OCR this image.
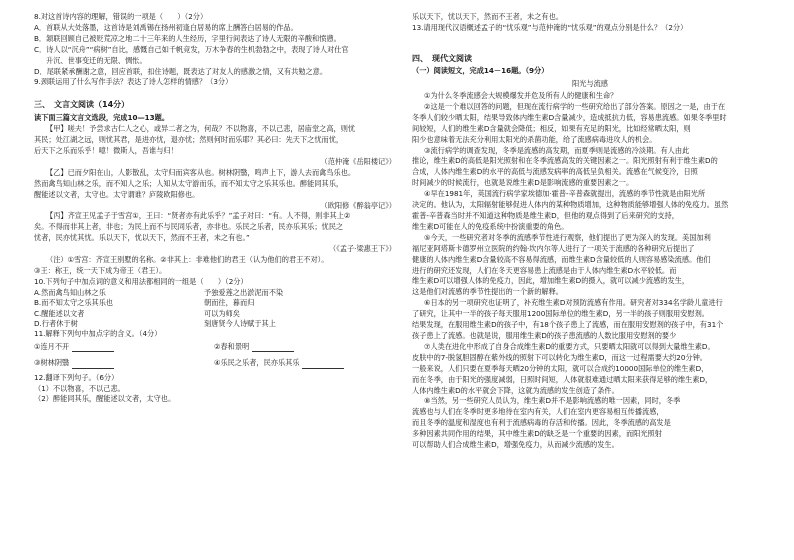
8.对这首诗内容的理解，错误的一项是（　　）（2分）

A．首联从大处落墨，这首诗是刘禹锡在扬州初逢白居易的席上酬答白居易的作品。

B．颔联回顾自己被贬荒凉之地二十三年来的人生经历，字里行间表达了诗人无限的辛酸和愤懑。

C．诗人以“沉舟”“病树”自比，感慨自己如千帆竞发，万木争春的生机勃勃之中，表现了诗人对仕官

升沉、世事变迁的无限、惆怅。

D．尾联紧承酬谢之意，回应首联，扣住诗题，既表达了对友人的感激之情，又有共勉之意。

9.颈联运用了什么写作手法？表达了诗人怎样的情感？（3分）

三、　文言文阅读（14分）

读下面三篇文言文选段，完成10—13题。

【甲】嗟夫！予尝求古仁人之心，或异二者之为，何哉？不以物喜，不以己悲，居庙堂之高，则忧

其民；处江湖之远，则忧其君，是进亦忧，退亦忧；然则何时而乐耶？其必曰：先天下之忧而忧，

后天下之乐而乐乎！噫！微斯人，吾谁与归！

（范仲淹《岳阳楼记》）

【乙】已而夕阳在山，人影散乱，太守归而宾客从也。树林阴翳，鸣声上下，游人去而禽鸟乐也。

然而禽鸟知山林之乐，而不知人之乐；人知从太守游而乐，而不知太守之乐其乐也。醉能同其乐，

醒能述以文者，太守也。太守谓谁？庐陵欧阳修也。

（欧阳修《醉翁亭记》）

【丙】齐宣王见孟子于雪宫①，王曰：“贤者亦有此乐乎？”孟子对曰：“有。人不得，则非其上②

矣。不得而非其上者，非也；为民上而不与民同乐者，亦非也。乐民之乐者，民亦乐其乐；忧民之

忧者，民亦忧其忧。乐以天下，忧以天下，然而不王者，未之有也。”

（《孟子·梁惠王下》）

（注）①雪宫：齐宣王别墅的名称。②非其上：非难他们的君王（认为他们的君王不对）。

③王：称王，统一天下成为帝王（君王）。

10.下列句子中加点词的意义和用法都相同的一组是（　　）（2分）

A.然而禽鸟知山林之乐	予独爱莲之出淤泥而不染
B.而不知太守之乐其乐也	朝而往，暮而归
C.醒能述以文者	可以为师矣
D.行者休于树	刻唐贤今人诗赋于其上

11.解释下列句中加点字的含义。（4分）

①连月不开	②春和景明
③树林阴翳	④乐民之乐者，民亦乐其乐

12.翻译下列句子。（6分）

（1）不以物喜，不以己悲。

（2）醉能同其乐，醒能述以文者，太守也。

乐以天下，忧以天下，然而不王者，未之有也。

13.请用现代汉语概述孟子的“忧乐观”与范仲淹的“忧乐观”的观点分别是什么？（2分）

四、　现代文阅读

（一）阅读短文，完成14－16题。（9分）

阳光与流感

①为什么冬季流感会大规模爆发并危及所有人的健康和生命？

②这是一个难以回答的问题，但现在流行病学的一些研究给出了部分答案。原因之一是，由于在

冬季人们较少晒太阳，结果导致体内维生素D含量减少，造成抵抗力低，容易患流感。如果冬季里时

间较短，人们的维生素D含量就会降低；相反，如果有充足的阳光，比如经常晒太阳，则

阳少也意味着无法充分利用太阳光的杀菌功能，给了流感病毒进攻人的机会。

③流行病学的调查发现，冬季是流感的高发期，而夏季则是流感的冷淡期。有人由此

推论，维生素D的高低是阳光照射和在冬季流感高发的关键因素之一。阳光照射有利于维生素D的

合成，人体内维生素D的水平的高低与流感发病率的高低呈负相关。流感在气候变冷，日照

时间减少的时候流行，也就是说维生素D是影响流感的重要因素之一。

④早在1981年，英国流行病学家埃德加·霍普-辛普森就提出，流感的季节性就是由阳光所

决定的。他认为，太阳辐射能够促进人体内的某种物质增加，这种物质能够增强人体的免疫力。虽然

霍普-辛普森当时并不知道这种物质是维生素D，但他的观点得到了后来研究的支持，

维生素D可能在人的免疫系统中扮演重要的角色。

⑤今天，一些研究者对冬季的流感季节性进行观察，他们提出了更为深入的发现。美国加利

福尼亚阿塔斯卡德罗州立医院的约翰·坎内尔等人进行了一项关于流感的各种研究后提出了

健康的人体内维生素D含量较高不容易得流感，而维生素D含量较低的人则容易感染流感。他们

进行的研究还发现，人们在冬天更容易患上流感是由于人体内维生素D水平较低。而

维生素D可以增强人体的免疫力，因此，增加维生素D的摄入，就可以减少流感的发生，

这是他们对流感的季节性提出的一个新的解释。

⑥日本的另一项研究也证明了，补充维生素D对预防流感有作用。研究者对334名学龄儿童进行

了研究，让其中一半的孩子每天服用1200国际单位的维生素D，另一半的孩子则服用安慰剂。

结果发现，在服用维生素D的孩子中，有18个孩子患上了流感，而在服用安慰剂的孩子中，有31个

孩子患上了流感。也就是说，服用维生素D的孩子患流感的人数比服用安慰剂的要少

⑦人类在进化中形成了自身合成维生素D的重要方式，只要晒太阳就可以得到大量维生素D。

皮肤中的7-脱氢胆固醇在紫外线的照射下可以转化为维生素D，而这一过程需要大约20分钟。

一般来说，人们只要在夏季每天晒20分钟的太阳，就可以合成约10000国际单位的维生素D，

而在冬季，由于阳光的强度减弱，日照时间短，人体就很难通过晒太阳来获得足够的维生素D，

人体内维生素D的水平就会下降，这就为流感的发生创造了条件。

⑧当然，另一些研究人员认为，维生素D并不是影响流感的唯一因素，同时，冬季

流感也与人们在冬季时更多地待在室内有关，人们在室内更容易相互传播流感，

而且冬季的温度和湿度也有利于流感病毒的存活和传播。因此，冬季流感的高发是

多种因素共同作用的结果，其中维生素D的缺乏是一个重要的因素，而阳光照射

可以帮助人们合成维生素D，增强免疫力，从而减少流感的发生。
